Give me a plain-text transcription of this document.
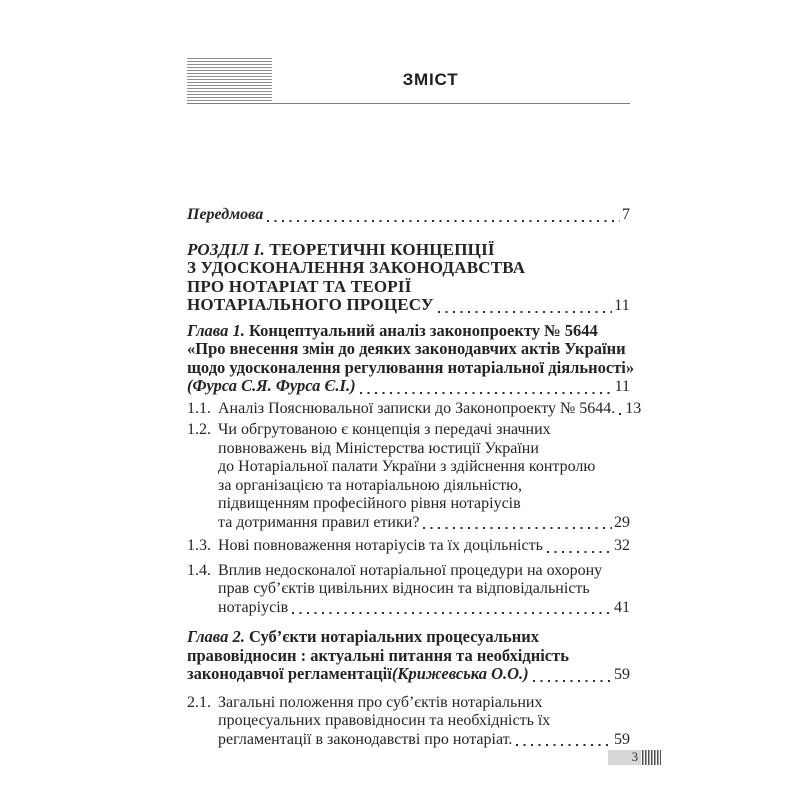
ЗМІСТ
Передмова	7
РОЗДІЛ І. ТЕОРЕТИЧНІ КОНЦЕПЦІЇ
З УДОСКОНАЛЕННЯ ЗАКОНОДАВСТВА
ПРО НОТАРІАТ ТА ТЕОРІЇ
НОТАРІАЛЬНОГО ПРОЦЕСУ	11
Глава 1. Концептуальний аналіз законопроекту № 5644
«Про внесення змін до деяких законодавчих актів України
щодо удосконалення регулювання нотаріальної діяльності»
(Фурса С.Я. Фурса Є.І.)	11
1.1. Аналіз Пояснювальної записки до Законопроекту № 5644. 13
1.2. Чи обгрутованою є концепція з передачі значних
повноважень від Міністерства юстиції України
до Нотаріальної палати України з здійснення контролю
за організацією та нотаріальною діяльністю,
підвищенням професійного рівня нотаріусів
та дотримання правил етики?	29
1.3. Нові повноваження нотаріусів та їх доцільність	32
1.4. Вплив недосконалої нотаріальної процедури на охорону
прав суб’єктів цивільних відносин та відповідальність
нотаріусів	41
Глава 2. Суб’єкти нотаріальних процесуальних
правовідносин : актуальні питання та необхідність
законодавчої регламентації (Крижевська О.О.)	59
2.1. Загальні положення про суб’єктів нотаріальних
процесуальних правовідносин та необхідність їх
регламентації в законодавстві про нотаріат.	59
3
